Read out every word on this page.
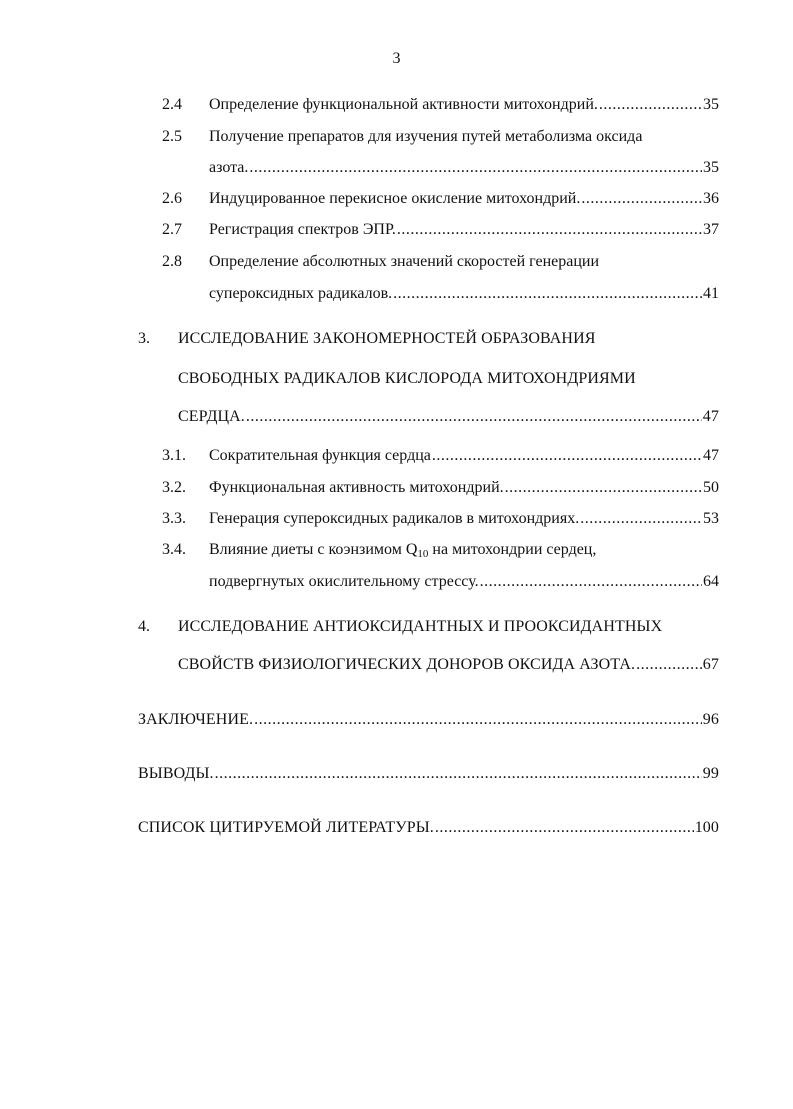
3
2.4 Определение функциональной активности митохондрий. .....	35
2.5 Получение препаратов для изучения путей метаболизма оксида
азота. .....	35
2.6 Индуцированное перекисное окисление митохондрий. .....	36
2.7 Регистрация спектров ЭПР. .....	37
2.8 Определение абсолютных значений скоростей генерации
супероксидных радикалов. .....	41
3. ИССЛЕДОВАНИЕ ЗАКОНОМЕРНОСТЕЙ ОБРАЗОВАНИЯ
СВОБОДНЫХ РАДИКАЛОВ КИСЛОРОДА МИТОХОНДРИЯМИ
СЕРДЦА. .....	47
3.1. Сократительная функция сердца .....	47
3.2. Функциональная активность митохондрий. .....	50
3.3. Генерация супероксидных радикалов в митохондриях. .....	53
3.4. Влияние диеты с коэнзимом $Q_{10}$ на митохондрии сердец,
подвергнутых окислительному стрессу. .....	64
4. ИССЛЕДОВАНИЕ АНТИОКСИДАНТНЫХ И ПРООКСИДАНТНЫХ
СВОЙСТВ ФИЗИОЛОГИЧЕСКИХ ДОНОРОВ ОКСИДА АЗОТА. .....	67
ЗАКЛЮЧЕНИЕ. .....	96
ВЫВОДЫ. .....	99
СПИСОК ЦИТИРУЕМОЙ ЛИТЕРАТУРЫ. .....	100
